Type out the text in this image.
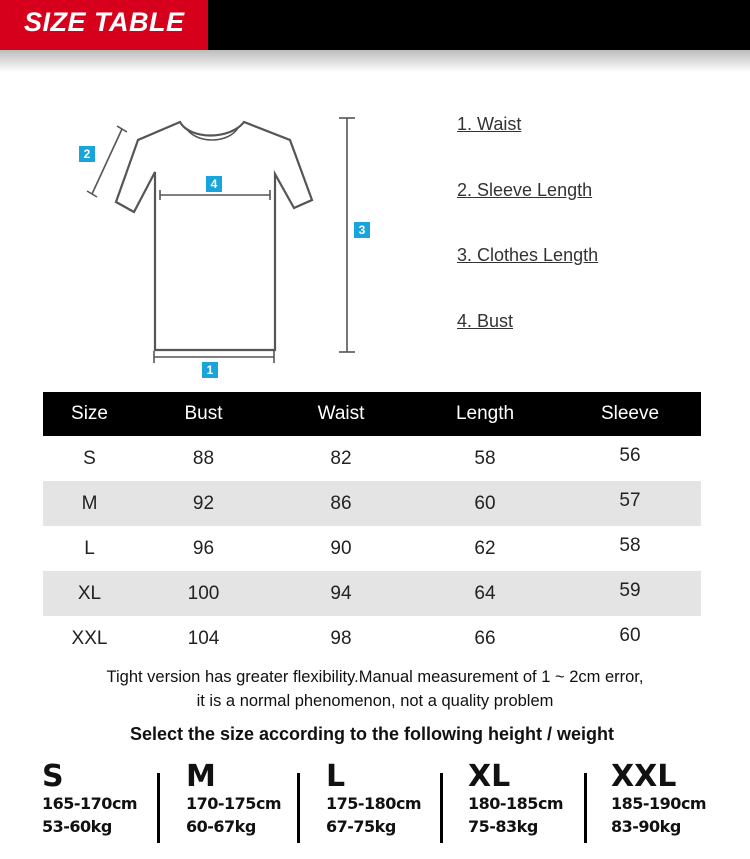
SIZE TABLE
1
2
3
4
1. Waist
2. Sleeve Length
3. Clothes Length
4. Bust
Size	Bust	Waist	Length	Sleeve
S	88	82	58	56
M	92	86	60	57
L	96	90	62	58
XL	100	94	64	59
XXL	104	98	66	60
Tight version has greater flexibility.Manual measurement of 1 ~ 2cm error,
it is a normal phenomenon, not a quality problem
Select the size according to the following height / weight
S
165-170cm
53-60kg
M
170-175cm
60-67kg
L
175-180cm
67-75kg
XL
180-185cm
75-83kg
XXL
185-190cm
83-90kg
